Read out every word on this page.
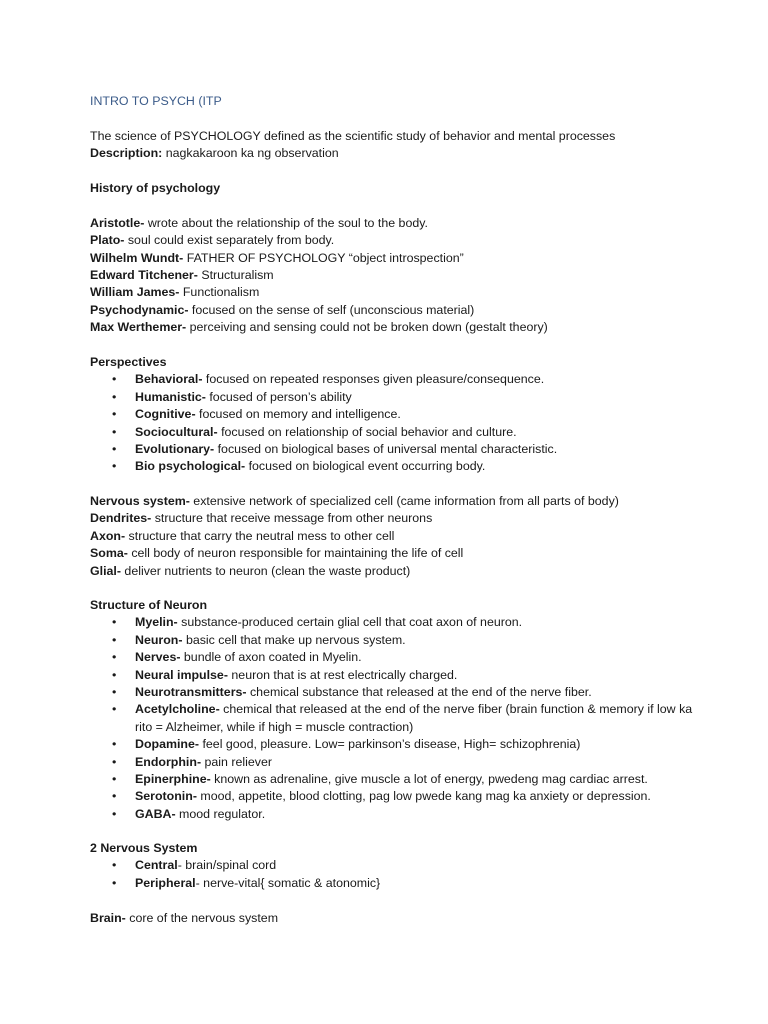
INTRO TO PSYCH (ITP
The science of PSYCHOLOGY defined as the scientific study of behavior and mental processes
Description: nagkakaroon ka ng observation
History of psychology
Aristotle- wrote about the relationship of the soul to the body.
Plato- soul could exist separately from body.
Wilhelm Wundt- FATHER OF PSYCHOLOGY “object introspection”
Edward Titchener- Structuralism
William James- Functionalism
Psychodynamic- focused on the sense of self (unconscious material)
Max Werthemer- perceiving and sensing could not be broken down (gestalt theory)
Perspectives
• Behavioral- focused on repeated responses given pleasure/consequence.
• Humanistic- focused of person’s ability
• Cognitive- focused on memory and intelligence.
• Sociocultural- focused on relationship of social behavior and culture.
• Evolutionary- focused on biological bases of universal mental characteristic.
• Bio psychological- focused on biological event occurring body.
Nervous system- extensive network of specialized cell (came information from all parts of body)
Dendrites- structure that receive message from other neurons
Axon- structure that carry the neutral mess to other cell
Soma- cell body of neuron responsible for maintaining the life of cell
Glial- deliver nutrients to neuron (clean the waste product)
Structure of Neuron
• Myelin- substance-produced certain glial cell that coat axon of neuron.
• Neuron- basic cell that make up nervous system.
• Nerves- bundle of axon coated in Myelin.
• Neural impulse- neuron that is at rest electrically charged.
• Neurotransmitters- chemical substance that released at the end of the nerve fiber.
• Acetylcholine- chemical that released at the end of the nerve fiber (brain function & memory if low ka rito = Alzheimer, while if high = muscle contraction)
• Dopamine- feel good, pleasure. Low= parkinson’s disease, High= schizophrenia)
• Endorphin- pain reliever
• Epinerphine- known as adrenaline, give muscle a lot of energy, pwedeng mag cardiac arrest.
• Serotonin- mood, appetite, blood clotting, pag low pwede kang mag ka anxiety or depression.
• GABA- mood regulator.
2 Nervous System
• Central- brain/spinal cord
• Peripheral- nerve-vital{ somatic & atonomic}
Brain- core of the nervous system
